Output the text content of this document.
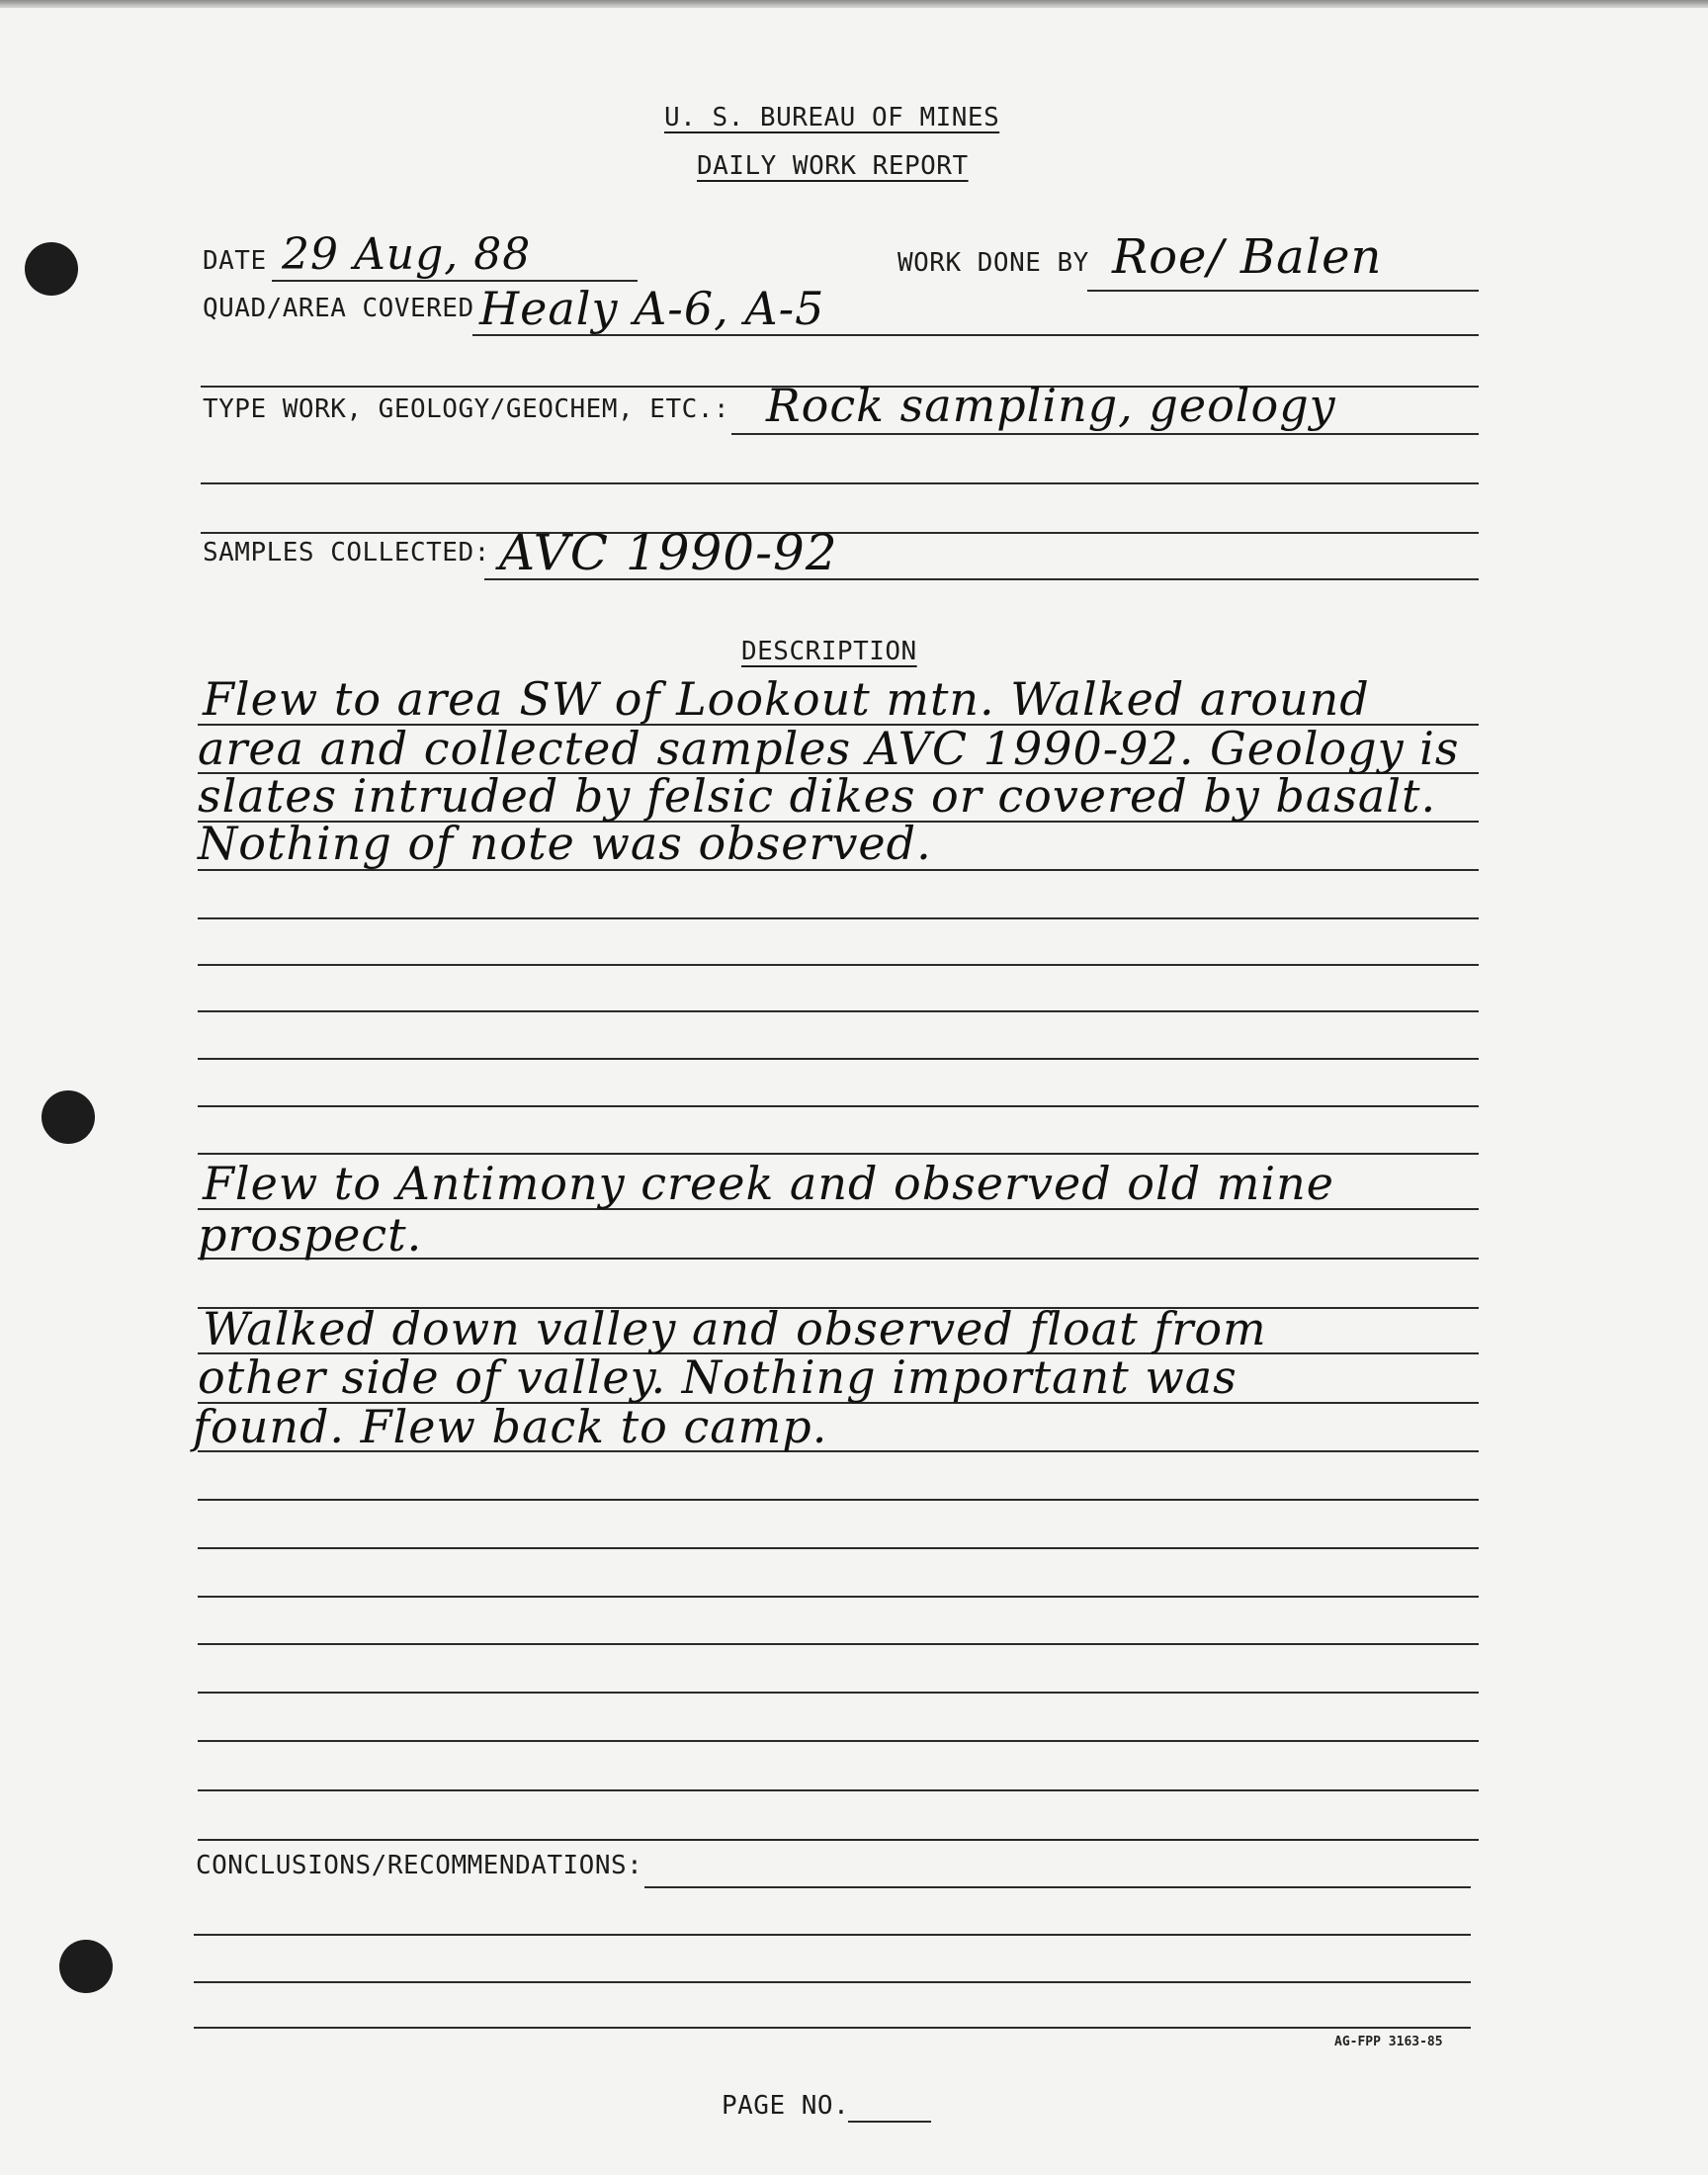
U. S. BUREAU OF MINES
DAILY WORK REPORT
DATE 29 Aug, 88	WORK DONE BY Roe/ Balen
QUAD/AREA COVERED Healy A-6, A-5
TYPE WORK, GEOLOGY/GEOCHEM, ETC.: Rock sampling, geology
SAMPLES COLLECTED: AVC 1990-92
DESCRIPTION
Flew to area SW of Lookout mtn. Walked around
area and collected samples AVC 1990-92. Geology is
slates intruded by felsic dikes or covered by basalt.
Nothing of note was observed.
Flew to Antimony creek and observed old mine
prospect.
Walked down valley and observed float from
other side of valley. Nothing important was
found. Flew back to camp.
CONCLUSIONS/RECOMMENDATIONS:
AG-FPP 3163-85
PAGE NO.
